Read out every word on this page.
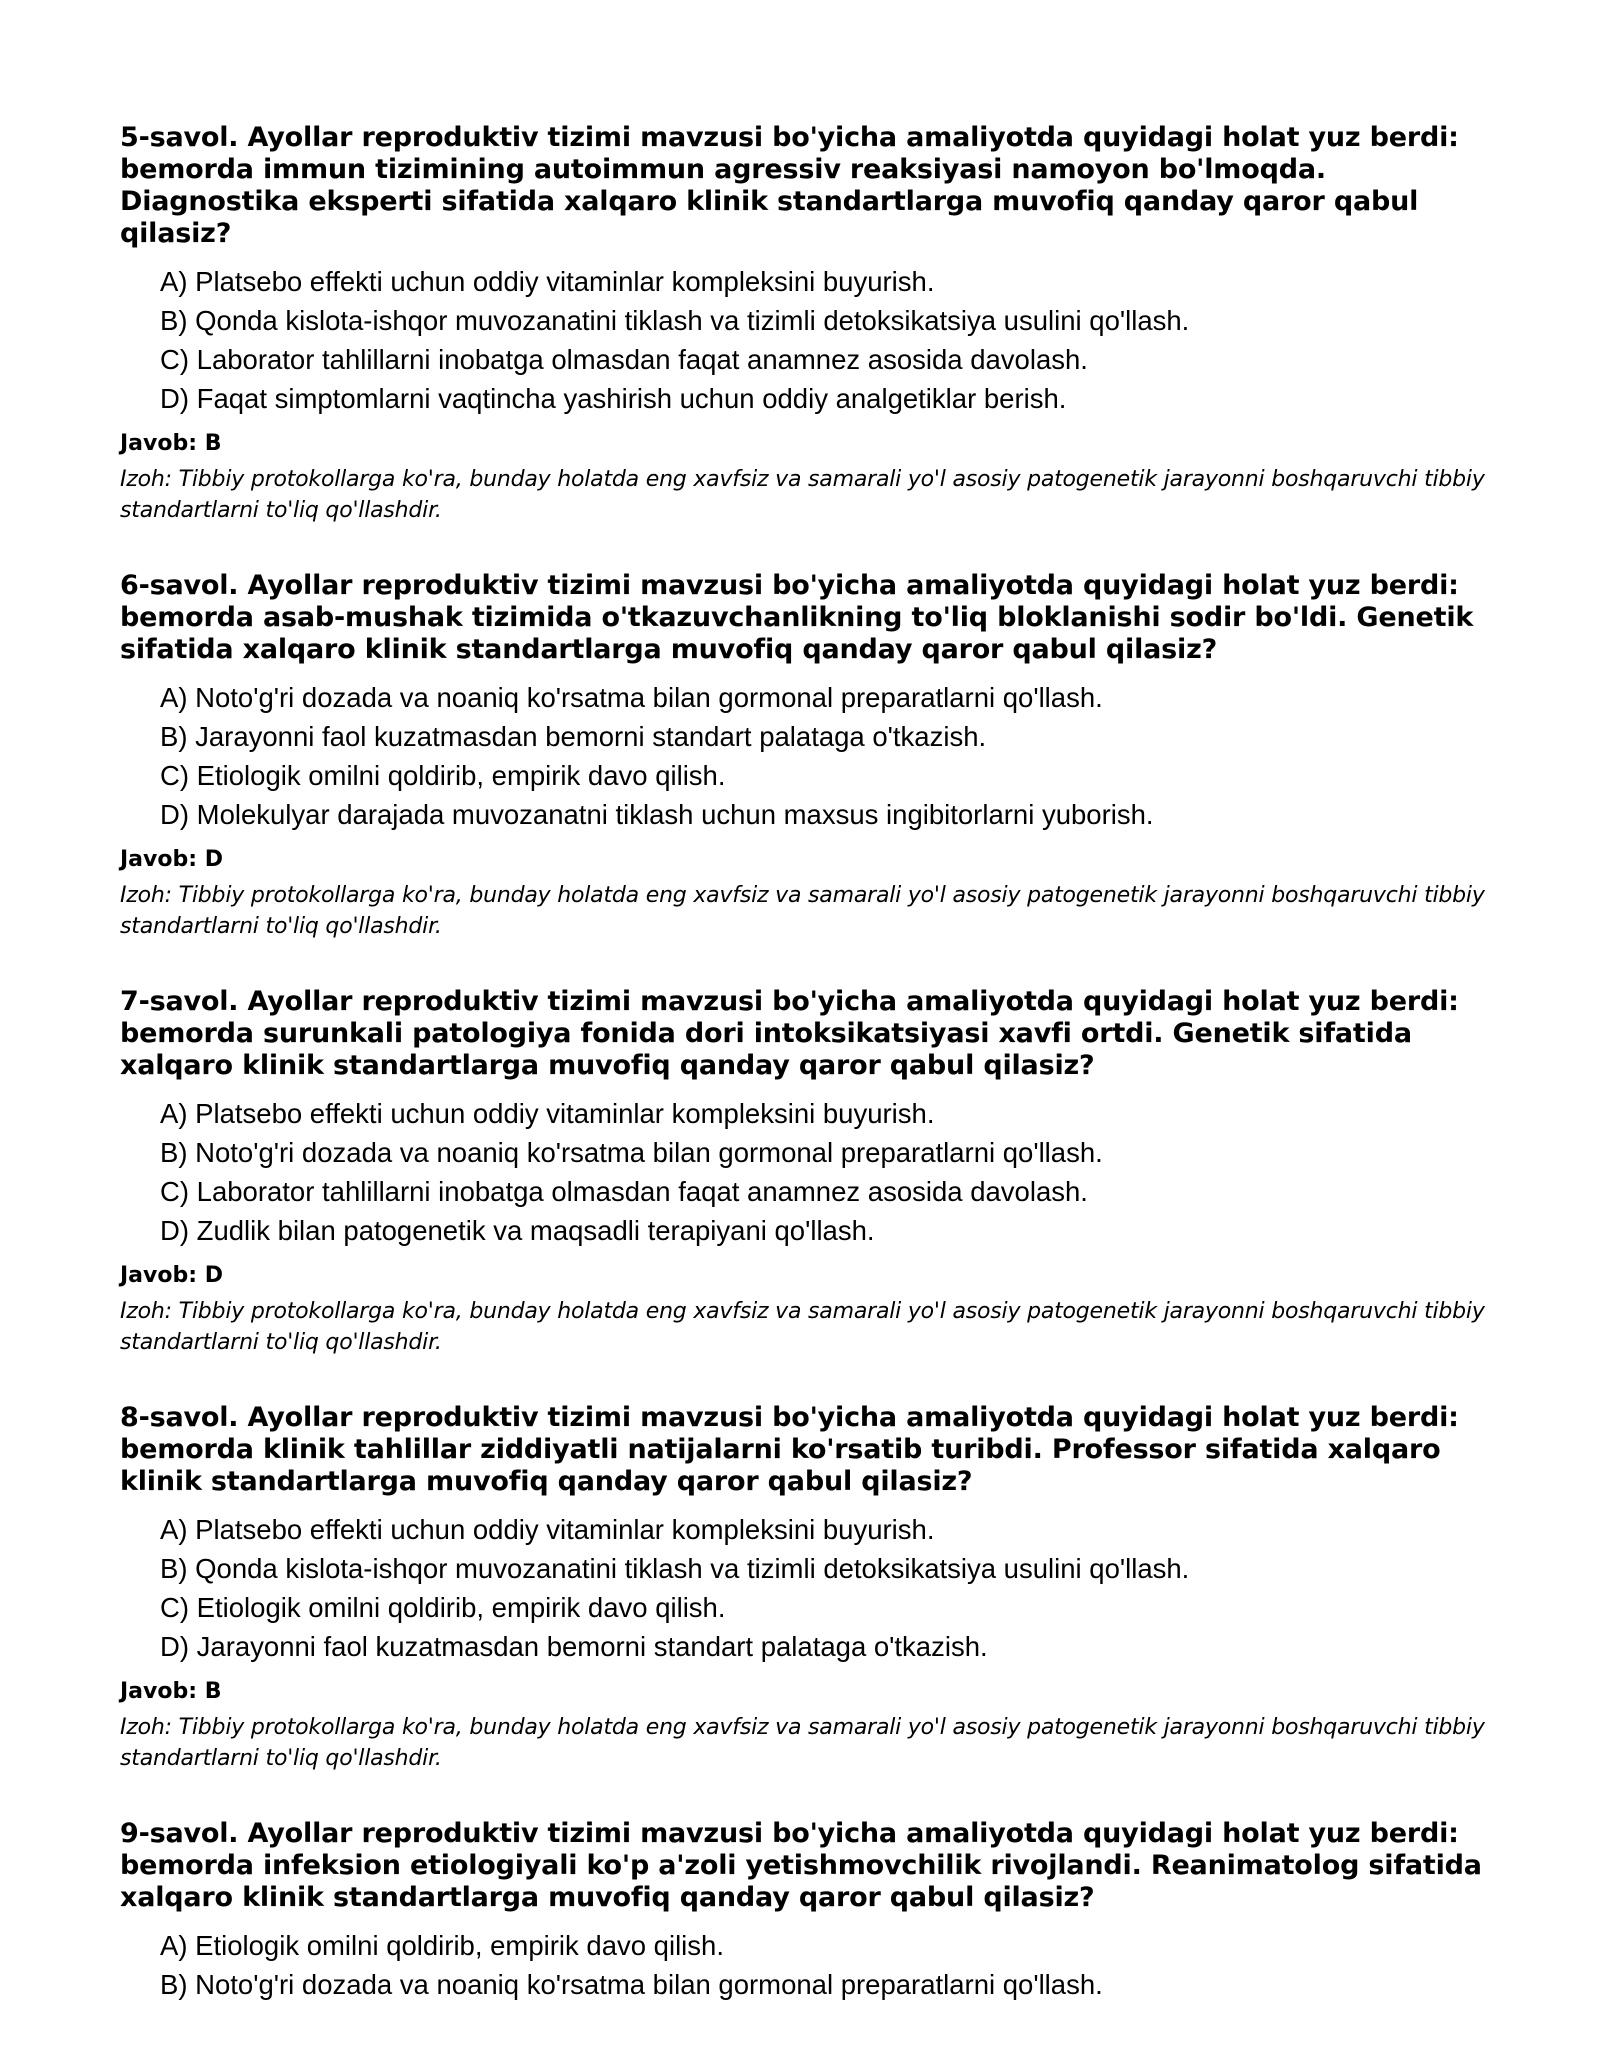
5-savol. Ayollar reproduktiv tizimi mavzusi bo'yicha amaliyotda quyidagi holat yuz berdi: bemorda immun tizimining autoimmun agressiv reaksiyasi namoyon bo'lmoqda. Diagnostika eksperti sifatida xalqaro klinik standartlarga muvofiq qanday qaror qabul qilasiz?

A) Platsebo effekti uchun oddiy vitaminlar kompleksini buyurish.
B) Qonda kislota-ishqor muvozanatini tiklash va tizimli detoksikatsiya usulini qo'llash.
C) Laborator tahlillarni inobatga olmasdan faqat anamnez asosida davolash.
D) Faqat simptomlarni vaqtincha yashirish uchun oddiy analgetiklar berish.

Javob: B

Izoh: Tibbiy protokollarga ko'ra, bunday holatda eng xavfsiz va samarali yo'l asosiy patogenetik jarayonni boshqaruvchi tibbiy standartlarni to'liq qo'llashdir.

6-savol. Ayollar reproduktiv tizimi mavzusi bo'yicha amaliyotda quyidagi holat yuz berdi: bemorda asab-mushak tizimida o'tkazuvchanlikning to'liq bloklanishi sodir bo'ldi. Genetik sifatida xalqaro klinik standartlarga muvofiq qanday qaror qabul qilasiz?

A) Noto'g'ri dozada va noaniq ko'rsatma bilan gormonal preparatlarni qo'llash.
B) Jarayonni faol kuzatmasdan bemorni standart palataga o'tkazish.
C) Etiologik omilni qoldirib, empirik davo qilish.
D) Molekulyar darajada muvozanatni tiklash uchun maxsus ingibitorlarni yuborish.

Javob: D

Izoh: Tibbiy protokollarga ko'ra, bunday holatda eng xavfsiz va samarali yo'l asosiy patogenetik jarayonni boshqaruvchi tibbiy standartlarni to'liq qo'llashdir.

7-savol. Ayollar reproduktiv tizimi mavzusi bo'yicha amaliyotda quyidagi holat yuz berdi: bemorda surunkali patologiya fonida dori intoksikatsiyasi xavfi ortdi. Genetik sifatida xalqaro klinik standartlarga muvofiq qanday qaror qabul qilasiz?

A) Platsebo effekti uchun oddiy vitaminlar kompleksini buyurish.
B) Noto'g'ri dozada va noaniq ko'rsatma bilan gormonal preparatlarni qo'llash.
C) Laborator tahlillarni inobatga olmasdan faqat anamnez asosida davolash.
D) Zudlik bilan patogenetik va maqsadli terapiyani qo'llash.

Javob: D

Izoh: Tibbiy protokollarga ko'ra, bunday holatda eng xavfsiz va samarali yo'l asosiy patogenetik jarayonni boshqaruvchi tibbiy standartlarni to'liq qo'llashdir.

8-savol. Ayollar reproduktiv tizimi mavzusi bo'yicha amaliyotda quyidagi holat yuz berdi: bemorda klinik tahlillar ziddiyatli natijalarni ko'rsatib turibdi. Professor sifatida xalqaro klinik standartlarga muvofiq qanday qaror qabul qilasiz?

A) Platsebo effekti uchun oddiy vitaminlar kompleksini buyurish.
B) Qonda kislota-ishqor muvozanatini tiklash va tizimli detoksikatsiya usulini qo'llash.
C) Etiologik omilni qoldirib, empirik davo qilish.
D) Jarayonni faol kuzatmasdan bemorni standart palataga o'tkazish.

Javob: B

Izoh: Tibbiy protokollarga ko'ra, bunday holatda eng xavfsiz va samarali yo'l asosiy patogenetik jarayonni boshqaruvchi tibbiy standartlarni to'liq qo'llashdir.

9-savol. Ayollar reproduktiv tizimi mavzusi bo'yicha amaliyotda quyidagi holat yuz berdi: bemorda infeksion etiologiyali ko'p a'zoli yetishmovchilik rivojlandi. Reanimatolog sifatida xalqaro klinik standartlarga muvofiq qanday qaror qabul qilasiz?

A) Etiologik omilni qoldirib, empirik davo qilish.
B) Noto'g'ri dozada va noaniq ko'rsatma bilan gormonal preparatlarni qo'llash.
